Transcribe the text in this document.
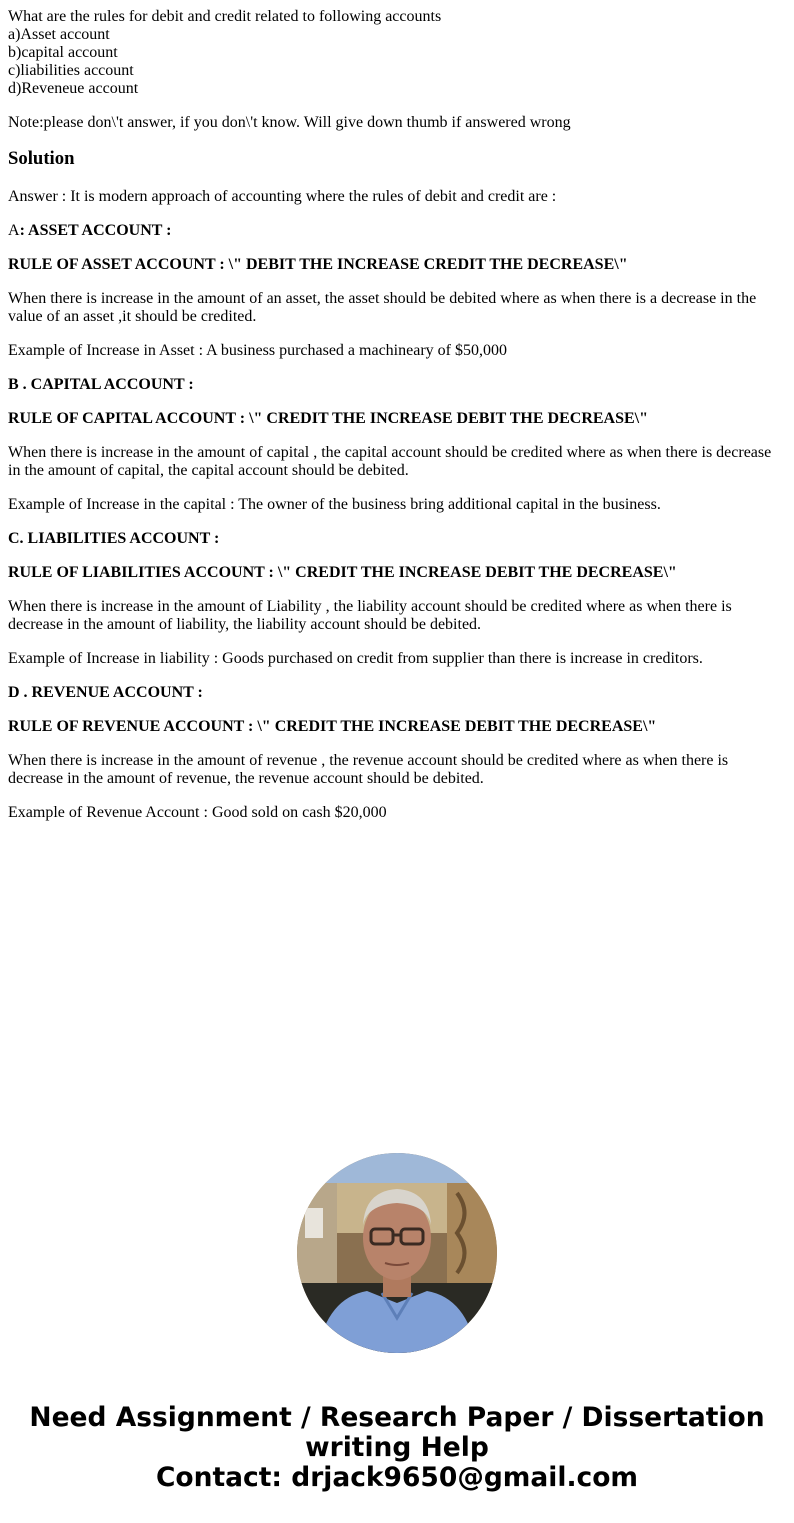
What are the rules for debit and credit related to following accounts
a)Asset account
b)capital account
c)liabilities account
d)Reveneue account

Note:please don\'t answer, if you don\'t know. Will give down thumb if answered wrong

Solution

Answer : It is modern approach of accounting where the rules of debit and credit are :

A: ASSET ACCOUNT :

RULE OF ASSET ACCOUNT : \" DEBIT THE INCREASE CREDIT THE DECREASE\"

When there is increase in the amount of an asset, the asset should be debited where as when there is a decrease in the value of an asset ,it should be credited.

Example of Increase in Asset : A business purchased a machineary of $50,000

B . CAPITAL ACCOUNT :

RULE OF CAPITAL ACCOUNT : \" CREDIT THE INCREASE DEBIT THE DECREASE\"

When there is increase in the amount of capital , the capital account should be credited where as when there is decrease in the amount of capital, the capital account should be debited.

Example of Increase in the capital : The owner of the business bring additional capital in the business.

C. LIABILITIES ACCOUNT :

RULE OF LIABILITIES ACCOUNT : \" CREDIT THE INCREASE DEBIT THE DECREASE\"

When there is increase in the amount of Liability , the liability account should be credited where as when there is decrease in the amount of liability, the liability account should be debited.

Example of Increase in liability : Goods purchased on credit from supplier than there is increase in creditors.

D . REVENUE ACCOUNT :

RULE OF REVENUE ACCOUNT : \" CREDIT THE INCREASE DEBIT THE DECREASE\"

When there is increase in the amount of revenue , the revenue account should be credited where as when there is decrease in the amount of revenue, the revenue account should be debited.

Example of Revenue Account : Good sold on cash $20,000

Need Assignment / Research Paper / Dissertation
writing Help
Contact: drjack9650@gmail.com
